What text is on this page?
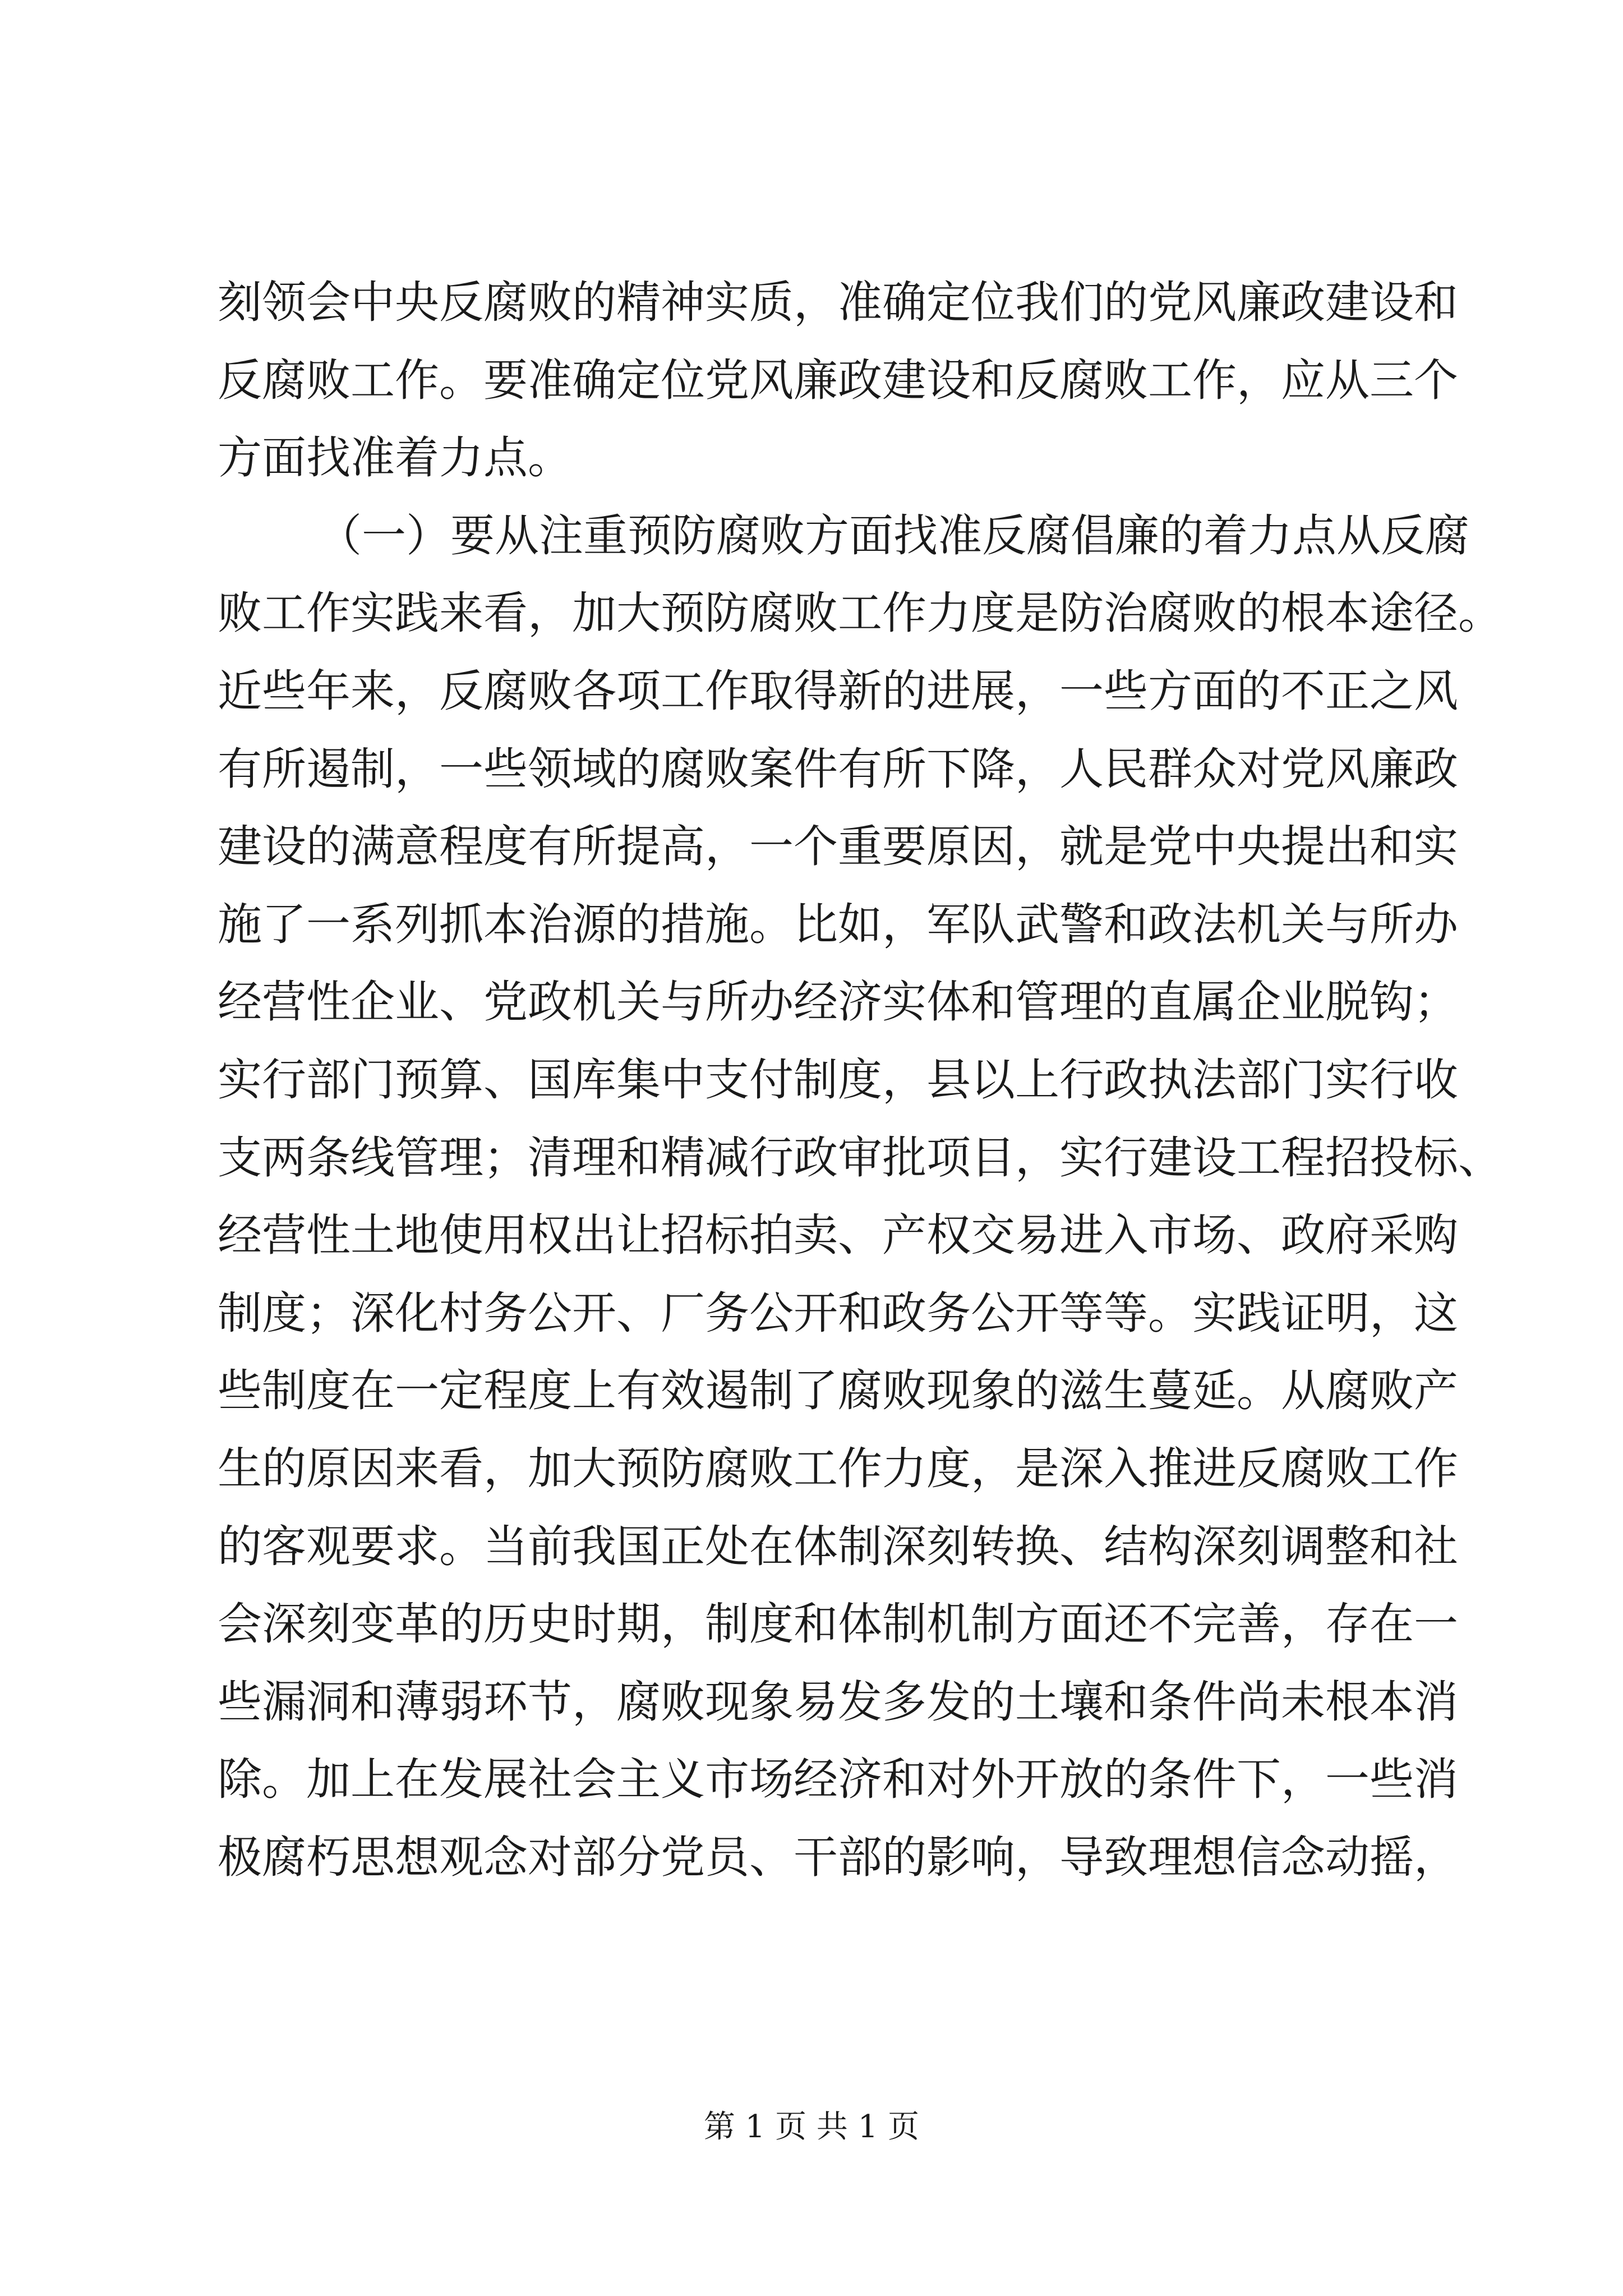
刻领会中央反腐败的精神实质，准确定位我们的党风廉政建设和
反腐败工作。要准确定位党风廉政建设和反腐败工作，应从三个
方面找准着力点。
（一）要从注重预防腐败方面找准反腐倡廉的着力点从反腐
败工作实践来看，加大预防腐败工作力度是防治腐败的根本途径。
近些年来，反腐败各项工作取得新的进展，一些方面的不正之风
有所遏制，一些领域的腐败案件有所下降，人民群众对党风廉政
建设的满意程度有所提高，一个重要原因，就是党中央提出和实
施了一系列抓本治源的措施。比如，军队武警和政法机关与所办
经营性企业、党政机关与所办经济实体和管理的直属企业脱钩；
实行部门预算、国库集中支付制度，县以上行政执法部门实行收
支两条线管理；清理和精减行政审批项目，实行建设工程招投标、
经营性土地使用权出让招标拍卖、产权交易进入市场、政府采购
制度；深化村务公开、厂务公开和政务公开等等。实践证明，这
些制度在一定程度上有效遏制了腐败现象的滋生蔓延。从腐败产
生的原因来看，加大预防腐败工作力度，是深入推进反腐败工作
的客观要求。当前我国正处在体制深刻转换、结构深刻调整和社
会深刻变革的历史时期，制度和体制机制方面还不完善，存在一
些漏洞和薄弱环节，腐败现象易发多发的土壤和条件尚未根本消
除。加上在发展社会主义市场经济和对外开放的条件下，一些消
极腐朽思想观念对部分党员、干部的影响，导致理想信念动摇，
第 1 页 共 1 页
